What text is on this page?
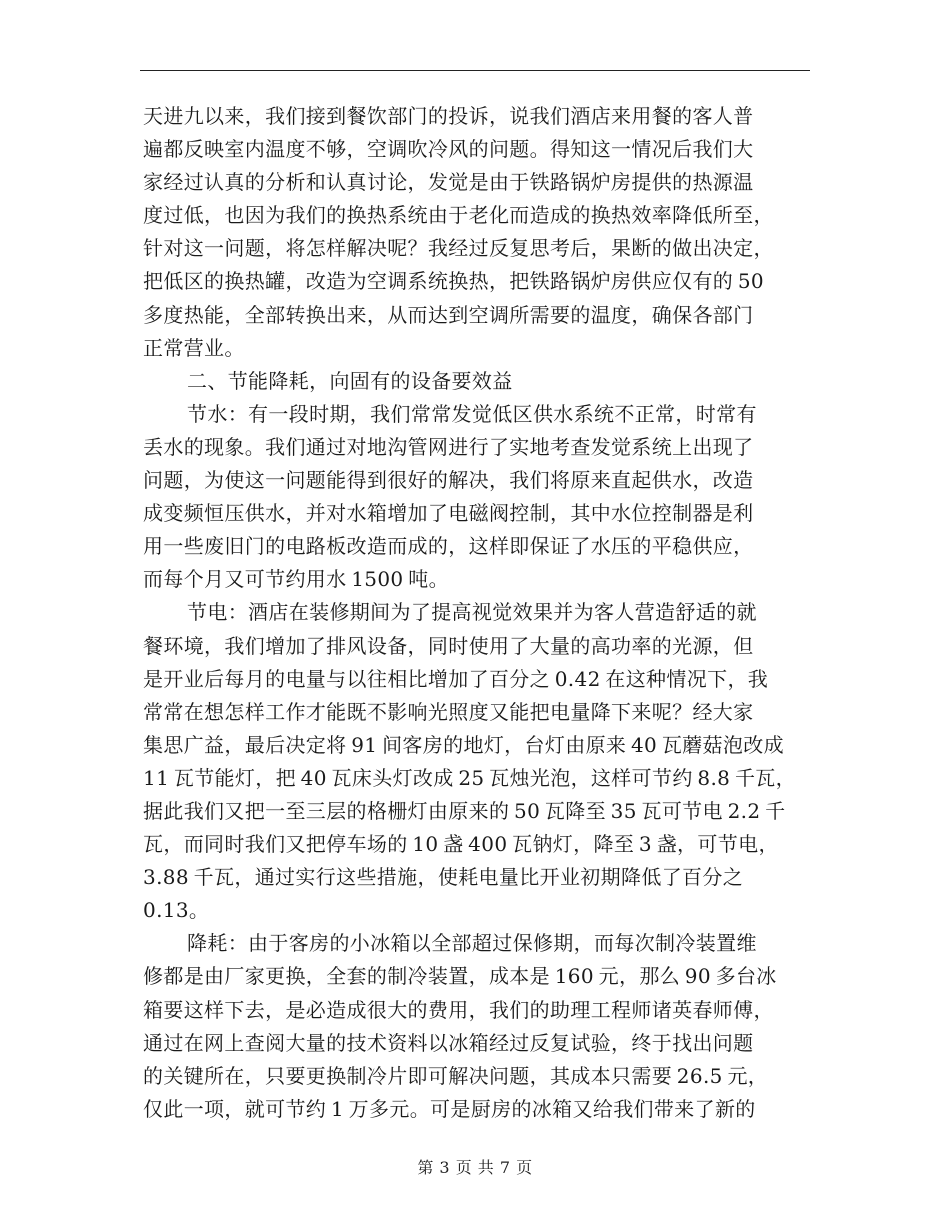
天进九以来，我们接到餐饮部门的投诉，说我们酒店来用餐的客人普
遍都反映室内温度不够，空调吹冷风的问题。得知这一情况后我们大
家经过认真的分析和认真讨论，发觉是由于铁路锅炉房提供的热源温
度过低，也因为我们的换热系统由于老化而造成的换热效率降低所至，
针对这一问题，将怎样解决呢？我经过反复思考后，果断的做出决定，
把低区的换热罐，改造为空调系统换热，把铁路锅炉房供应仅有的 50
多度热能，全部转换出来，从而达到空调所需要的温度，确保各部门
正常营业。
二、节能降耗，向固有的设备要效益
节水：有一段时期，我们常常发觉低区供水系统不正常，时常有
丢水的现象。我们通过对地沟管网进行了实地考查发觉系统上出现了
问题，为使这一问题能得到很好的解决，我们将原来直起供水，改造
成变频恒压供水，并对水箱增加了电磁阀控制，其中水位控制器是利
用一些废旧门的电路板改造而成的，这样即保证了水压的平稳供应，
而每个月又可节约用水 1500 吨。
节电：酒店在装修期间为了提高视觉效果并为客人营造舒适的就
餐环境，我们增加了排风设备，同时使用了大量的高功率的光源，但
是开业后每月的电量与以往相比增加了百分之 0.42 在这种情况下，我
常常在想怎样工作才能既不影响光照度又能把电量降下来呢？经大家
集思广益，最后决定将 91 间客房的地灯，台灯由原来 40 瓦蘑菇泡改成
11 瓦节能灯，把 40 瓦床头灯改成 25 瓦烛光泡，这样可节约 8.8 千瓦，
据此我们又把一至三层的格栅灯由原来的 50 瓦降至 35 瓦可节电 2.2 千
瓦，而同时我们又把停车场的 10 盏 400 瓦钠灯，降至 3 盏，可节电，
3.88 千瓦，通过实行这些措施，使耗电量比开业初期降低了百分之
0.13。
降耗：由于客房的小冰箱以全部超过保修期，而每次制冷装置维
修都是由厂家更换，全套的制冷装置，成本是 160 元，那么 90 多台冰
箱要这样下去，是必造成很大的费用，我们的助理工程师诸英春师傅，
通过在网上查阅大量的技术资料以冰箱经过反复试验，终于找出问题
的关键所在，只要更换制冷片即可解决问题，其成本只需要 26.5 元，
仅此一项，就可节约 1 万多元。可是厨房的冰箱又给我们带来了新的
第 3 页 共 7 页
